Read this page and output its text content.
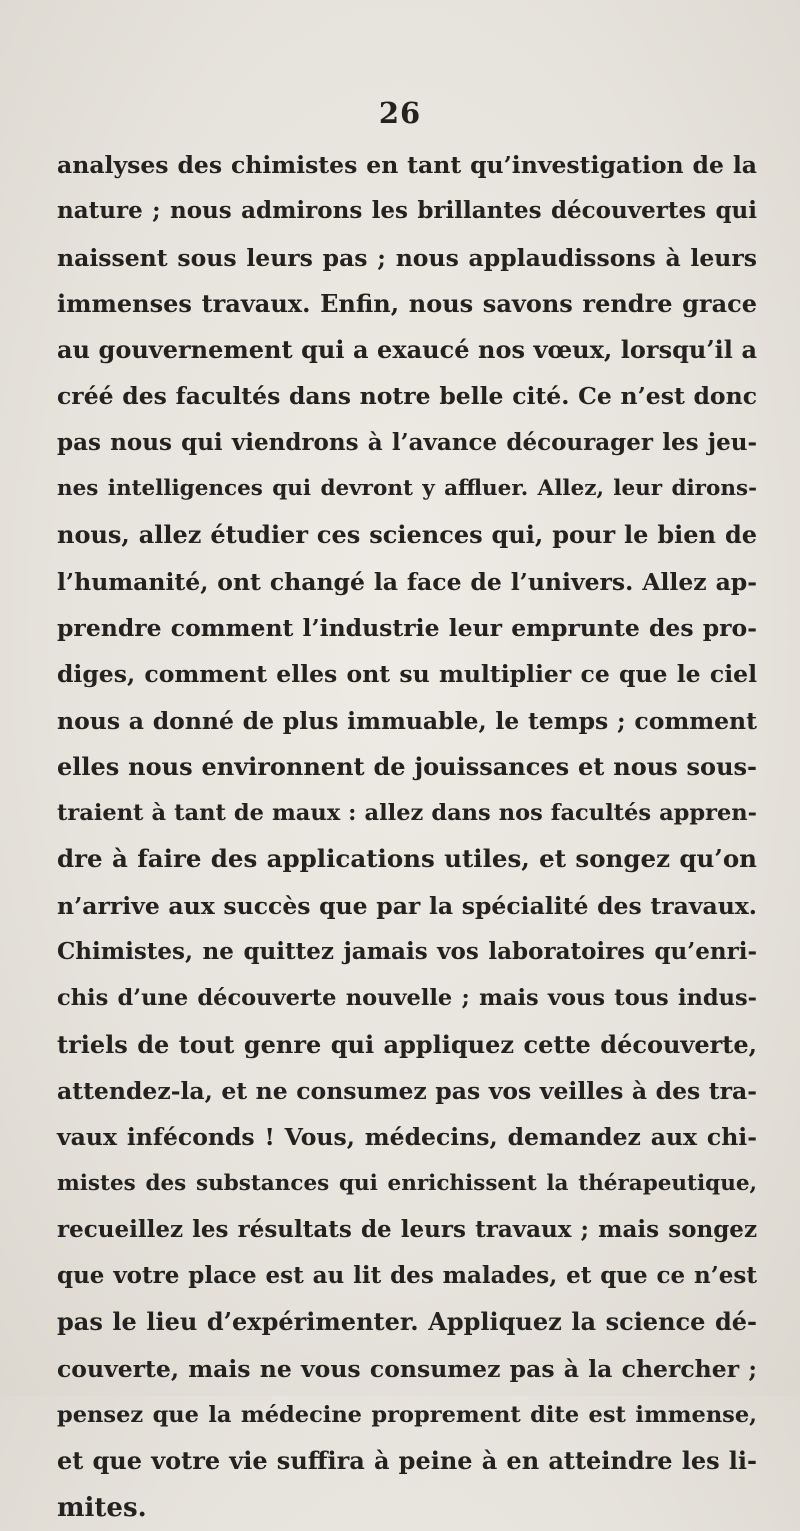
26
analyses des chimistes en tant qu’investigation de la
nature ; nous admirons les brillantes découvertes qui
naissent sous leurs pas ; nous applaudissons à leurs
immenses travaux. Enfin, nous savons rendre grace
au gouvernement qui a exaucé nos vœux, lorsqu’il a
créé des facultés dans notre belle cité. Ce n’est donc
pas nous qui viendrons à l’avance décourager les jeu-
nes intelligences qui devront y affluer. Allez, leur dirons-
nous, allez étudier ces sciences qui, pour le bien de
l’humanité, ont changé la face de l’univers. Allez ap-
prendre comment l’industrie leur emprunte des pro-
diges, comment elles ont su multiplier ce que le ciel
nous a donné de plus immuable, le temps ; comment
elles nous environnent de jouissances et nous sous-
traient à tant de maux : allez dans nos facultés appren-
dre à faire des applications utiles, et songez qu’on
n’arrive aux succès que par la spécialité des travaux.
Chimistes, ne quittez jamais vos laboratoires qu’enri-
chis d’une découverte nouvelle ; mais vous tous indus-
triels de tout genre qui appliquez cette découverte,
attendez-la, et ne consumez pas vos veilles à des tra-
vaux inféconds ! Vous, médecins, demandez aux chi-
mistes des substances qui enrichissent la thérapeutique,
recueillez les résultats de leurs travaux ; mais songez
que votre place est au lit des malades, et que ce n’est
pas le lieu d’expérimenter. Appliquez la science dé-
couverte, mais ne vous consumez pas à la chercher ;
pensez que la médecine proprement dite est immense,
et que votre vie suffira à peine à en atteindre les li-
mites.
